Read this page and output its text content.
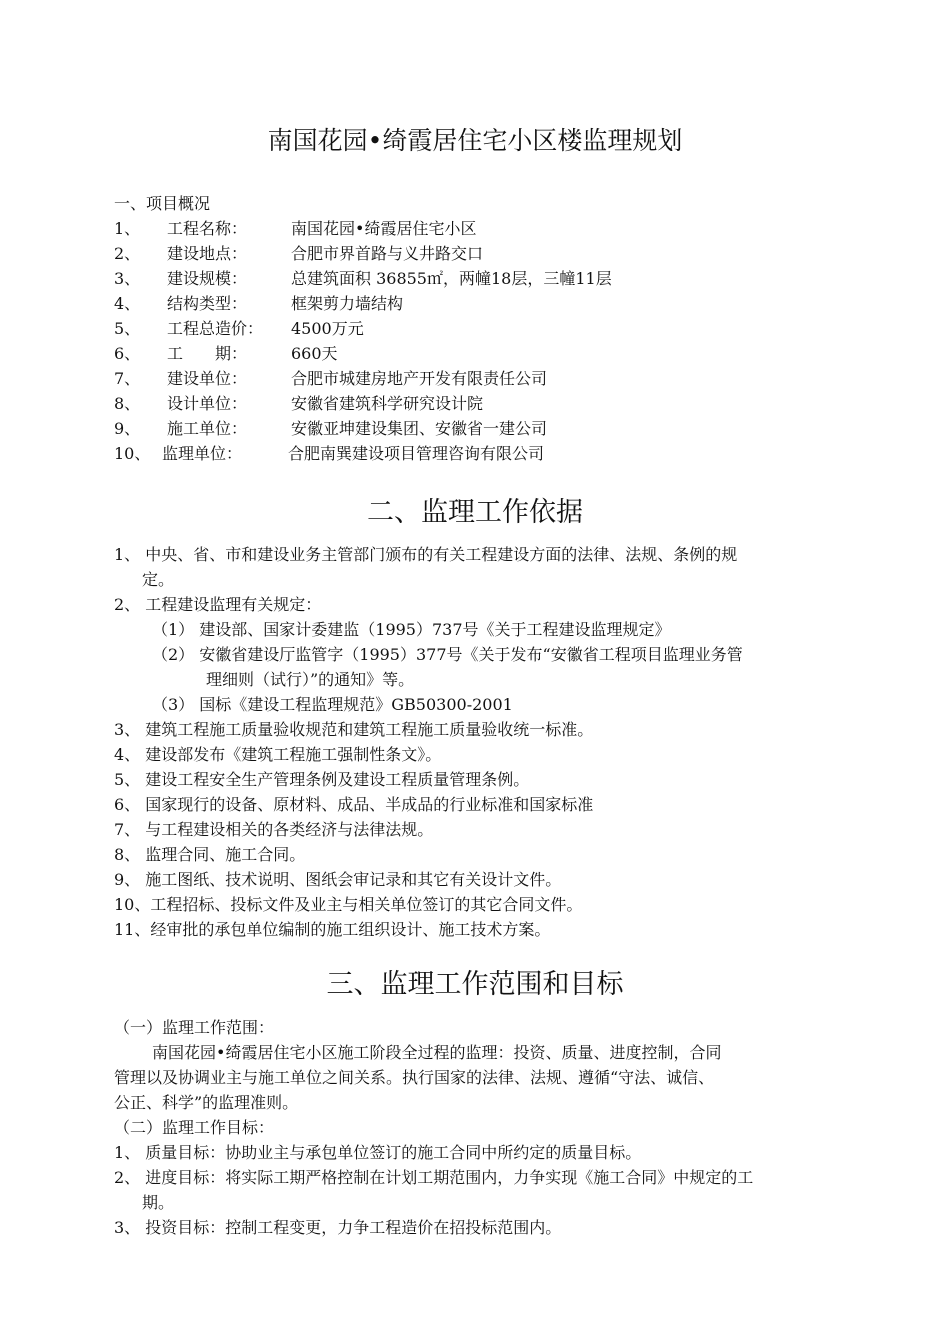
南国花园•绮霞居住宅小区楼监理规划
一、项目概况
1、 工程名称：	南国花园•绮霞居住宅小区
2、 建设地点：	合肥市界首路与义井路交口
3、 建设规模：	总建筑面积 36855㎡，两幢18层，三幢11层
4、 结构类型：	框架剪力墙结构
5、 工程总造价： 4500万元
6、 工　　期：	660天
7、 建设单位：	合肥市城建房地产开发有限责任公司
8、 设计单位：	安徽省建筑科学研究设计院
9、 施工单位：	安徽亚坤建设集团、安徽省一建公司
10、 监理单位：	合肥南巽建设项目管理咨询有限公司
二、监理工作依据
1、 中央、省、市和建设业务主管部门颁布的有关工程建设方面的法律、法规、条例的规
定。
2、 工程建设监理有关规定：
（1） 建设部、国家计委建监（1995）737号《关于工程建设监理规定》
（2） 安徽省建设厅监管字（1995）377号《关于发布“安徽省工程项目监理业务管
理细则（试行）”的通知》等。
（3） 国标《建设工程监理规范》GB50300-2001
3、 建筑工程施工质量验收规范和建筑工程施工质量验收统一标准。
4、 建设部发布《建筑工程施工强制性条文》。
5、 建设工程安全生产管理条例及建设工程质量管理条例。
6、 国家现行的设备、原材料、成品、半成品的行业标准和国家标准
7、 与工程建设相关的各类经济与法律法规。
8、 监理合同、施工合同。
9、 施工图纸、技术说明、图纸会审记录和其它有关设计文件。
10、工程招标、投标文件及业主与相关单位签订的其它合同文件。
11、经审批的承包单位编制的施工组织设计、施工技术方案。
三、监理工作范围和目标
（一）监理工作范围：
南国花园•绮霞居住宅小区施工阶段全过程的监理：投资、质量、进度控制，合同
管理以及协调业主与施工单位之间关系。执行国家的法律、法规、遵循“守法、诚信、
公正、科学”的监理准则。
（二）监理工作目标：
1、 质量目标：协助业主与承包单位签订的施工合同中所约定的质量目标。
2、 进度目标：将实际工期严格控制在计划工期范围内，力争实现《施工合同》中规定的工
期。
3、 投资目标：控制工程变更，力争工程造价在招投标范围内。
